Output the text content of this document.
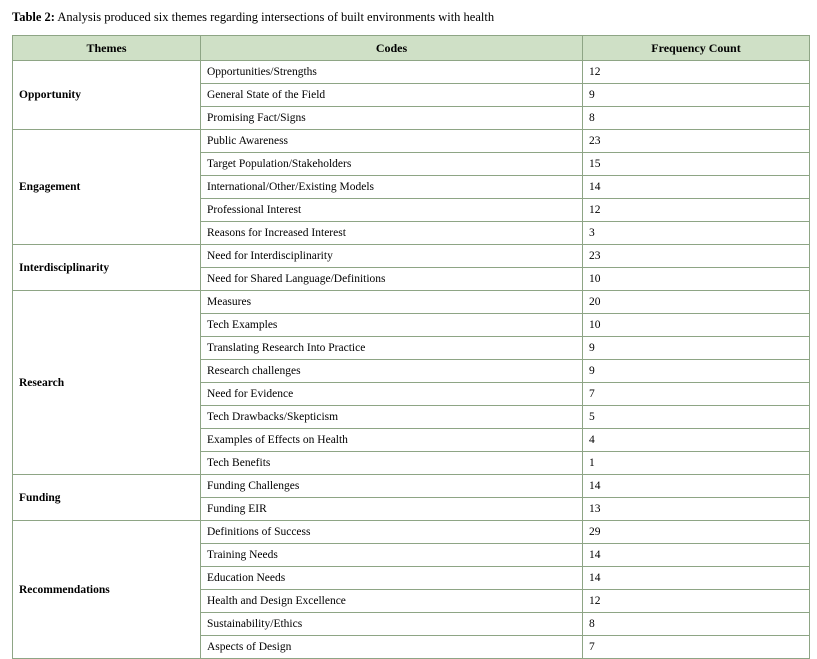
Table 2: Analysis produced six themes regarding intersections of built environments with health
Themes	Codes	Frequency Count
Opportunity	Opportunities/Strengths	12
	General State of the Field	9
	Promising Fact/Signs	8
Engagement	Public Awareness	23
	Target Population/Stakeholders	15
	International/Other/Existing Models	14
	Professional Interest	12
	Reasons for Increased Interest	3
Interdisciplinarity	Need for Interdisciplinarity	23
	Need for Shared Language/Definitions	10
Research	Measures	20
	Tech Examples	10
	Translating Research Into Practice	9
	Research challenges	9
	Need for Evidence	7
	Tech Drawbacks/Skepticism	5
	Examples of Effects on Health	4
	Tech Benefits	1
Funding	Funding Challenges	14
	Funding EIR	13
Recommendations	Definitions of Success	29
	Training Needs	14
	Education Needs	14
	Health and Design Excellence	12
	Sustainability/Ethics	8
	Aspects of Design	7
